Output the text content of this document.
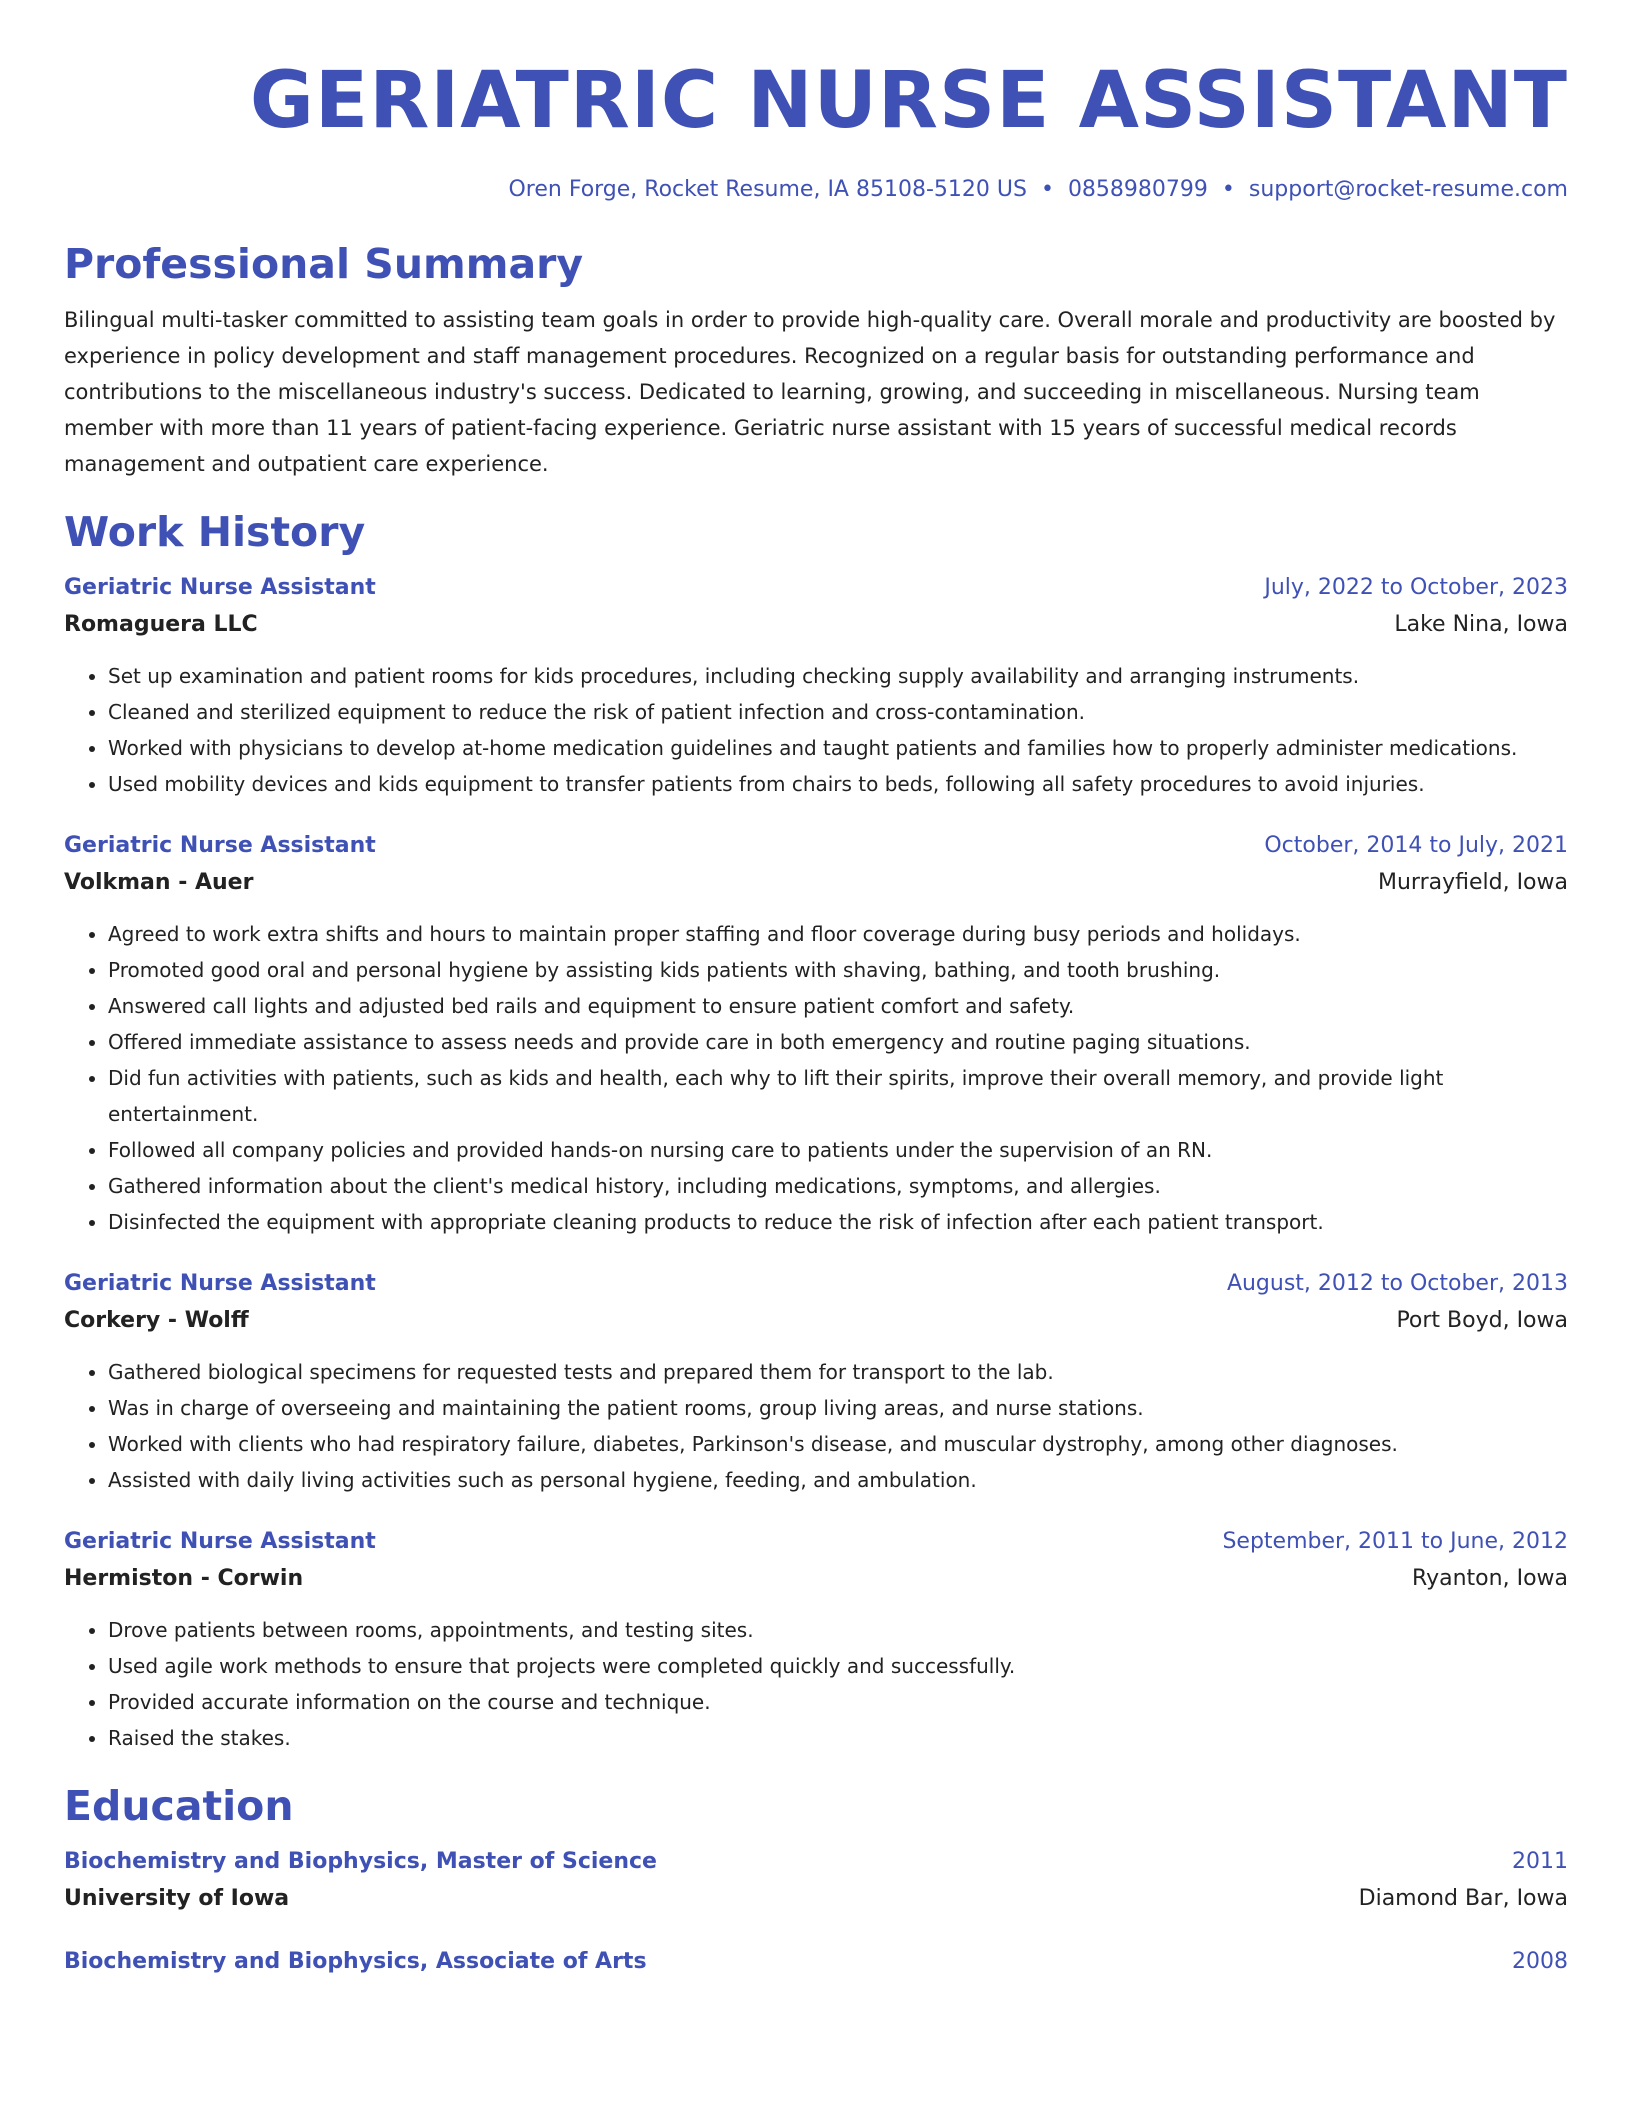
GERIATRIC NURSE ASSISTANT
Oren Forge, Rocket Resume, IA 85108-5120 US • 0858980799 • support@rocket-resume.com
Professional Summary
Bilingual multi-tasker committed to assisting team goals in order to provide high-quality care. Overall morale and productivity are boosted by experience in policy development and staff management procedures. Recognized on a regular basis for outstanding performance and contributions to the miscellaneous industry's success. Dedicated to learning, growing, and succeeding in miscellaneous. Nursing team member with more than 11 years of patient-facing experience. Geriatric nurse assistant with 15 years of successful medical records management and outpatient care experience.
Work History
Geriatric Nurse Assistant	July, 2022 to October, 2023
Romaguera LLC	Lake Nina, Iowa
• Set up examination and patient rooms for kids procedures, including checking supply availability and arranging instruments.
• Cleaned and sterilized equipment to reduce the risk of patient infection and cross-contamination.
• Worked with physicians to develop at-home medication guidelines and taught patients and families how to properly administer medications.
• Used mobility devices and kids equipment to transfer patients from chairs to beds, following all safety procedures to avoid injuries.
Geriatric Nurse Assistant	October, 2014 to July, 2021
Volkman - Auer	Murrayfield, Iowa
• Agreed to work extra shifts and hours to maintain proper staffing and floor coverage during busy periods and holidays.
• Promoted good oral and personal hygiene by assisting kids patients with shaving, bathing, and tooth brushing.
• Answered call lights and adjusted bed rails and equipment to ensure patient comfort and safety.
• Offered immediate assistance to assess needs and provide care in both emergency and routine paging situations.
• Did fun activities with patients, such as kids and health, each why to lift their spirits, improve their overall memory, and provide light entertainment.
• Followed all company policies and provided hands-on nursing care to patients under the supervision of an RN.
• Gathered information about the client's medical history, including medications, symptoms, and allergies.
• Disinfected the equipment with appropriate cleaning products to reduce the risk of infection after each patient transport.
Geriatric Nurse Assistant	August, 2012 to October, 2013
Corkery - Wolff	Port Boyd, Iowa
• Gathered biological specimens for requested tests and prepared them for transport to the lab.
• Was in charge of overseeing and maintaining the patient rooms, group living areas, and nurse stations.
• Worked with clients who had respiratory failure, diabetes, Parkinson's disease, and muscular dystrophy, among other diagnoses.
• Assisted with daily living activities such as personal hygiene, feeding, and ambulation.
Geriatric Nurse Assistant	September, 2011 to June, 2012
Hermiston - Corwin	Ryanton, Iowa
• Drove patients between rooms, appointments, and testing sites.
• Used agile work methods to ensure that projects were completed quickly and successfully.
• Provided accurate information on the course and technique.
• Raised the stakes.
Education
Biochemistry and Biophysics, Master of Science	2011
University of Iowa	Diamond Bar, Iowa
Biochemistry and Biophysics, Associate of Arts	2008
